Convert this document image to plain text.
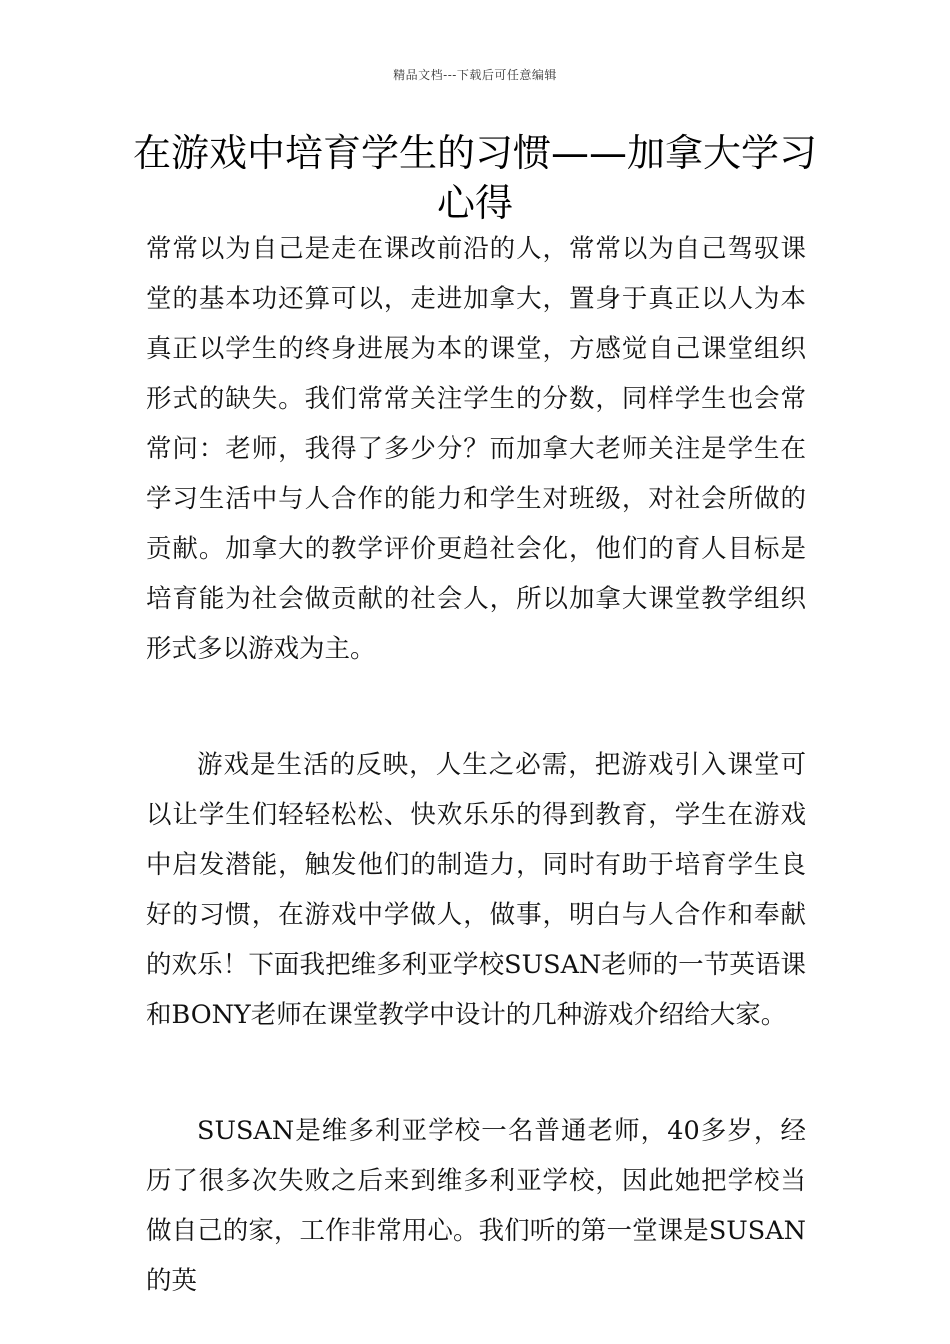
精品文档---下载后可任意编辑
在游戏中培育学生的习惯——加拿大学习心得

常常以为自己是走在课改前沿的人，常常以为自己驾驭课堂的基本功还算可以，走进加拿大，置身于真正以人为本真正以学生的终身进展为本的课堂，方感觉自己课堂组织形式的缺失。我们常常关注学生的分数，同样学生也会常常问：老师，我得了多少分？而加拿大老师关注是学生在学习生活中与人合作的能力和学生对班级，对社会所做的贡献。加拿大的教学评价更趋社会化，他们的育人目标是培育能为社会做贡献的社会人，所以加拿大课堂教学组织形式多以游戏为主。

游戏是生活的反映，人生之必需，把游戏引入课堂可以让学生们轻轻松松、快欢乐乐的得到教育，学生在游戏中启发潜能，触发他们的制造力，同时有助于培育学生良好的习惯，在游戏中学做人，做事，明白与人合作和奉献的欢乐！下面我把维多利亚学校SUSAN老师的一节英语课和BONY老师在课堂教学中设计的几种游戏介绍给大家。

SUSAN是维多利亚学校一名普通老师，40多岁，经历了很多次失败之后来到维多利亚学校，因此她把学校当做自己的家，工作非常用心。我们听的第一堂课是SUSAN的英
